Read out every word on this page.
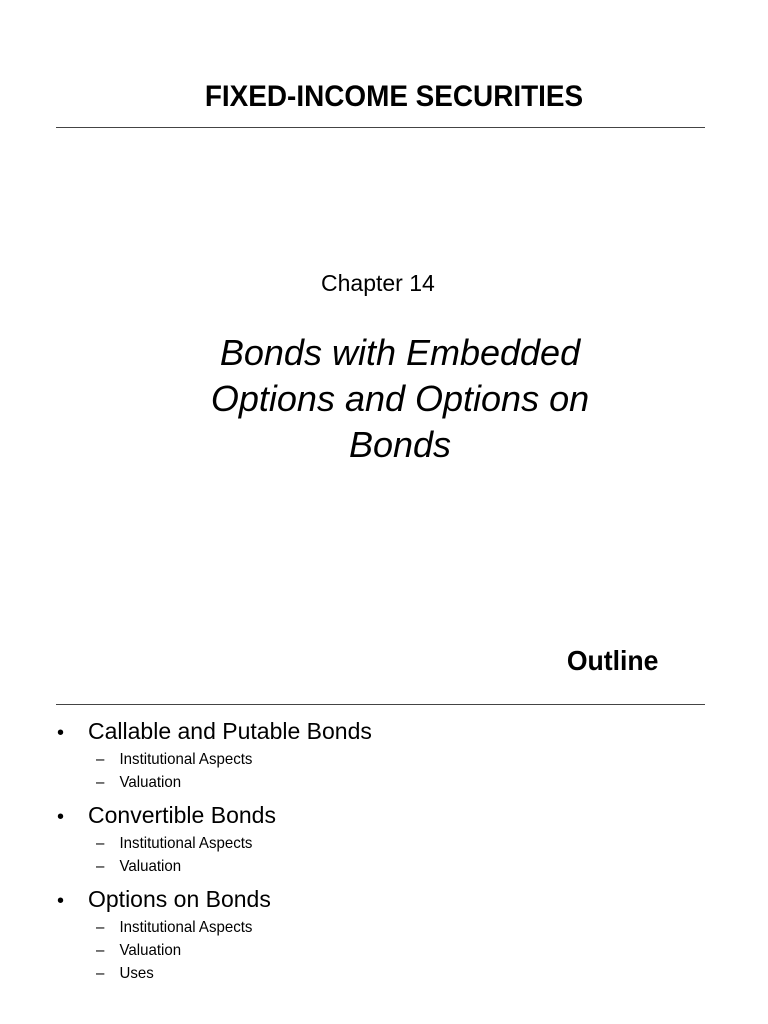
FIXED-INCOME SECURITIES
Chapter 14
Bonds with Embedded
Options and Options on
Bonds
Outline
•	Callable and Putable Bonds
– Institutional Aspects
– Valuation
•	Convertible Bonds
– Institutional Aspects
– Valuation
•	Options on Bonds
– Institutional Aspects
– Valuation
– Uses
